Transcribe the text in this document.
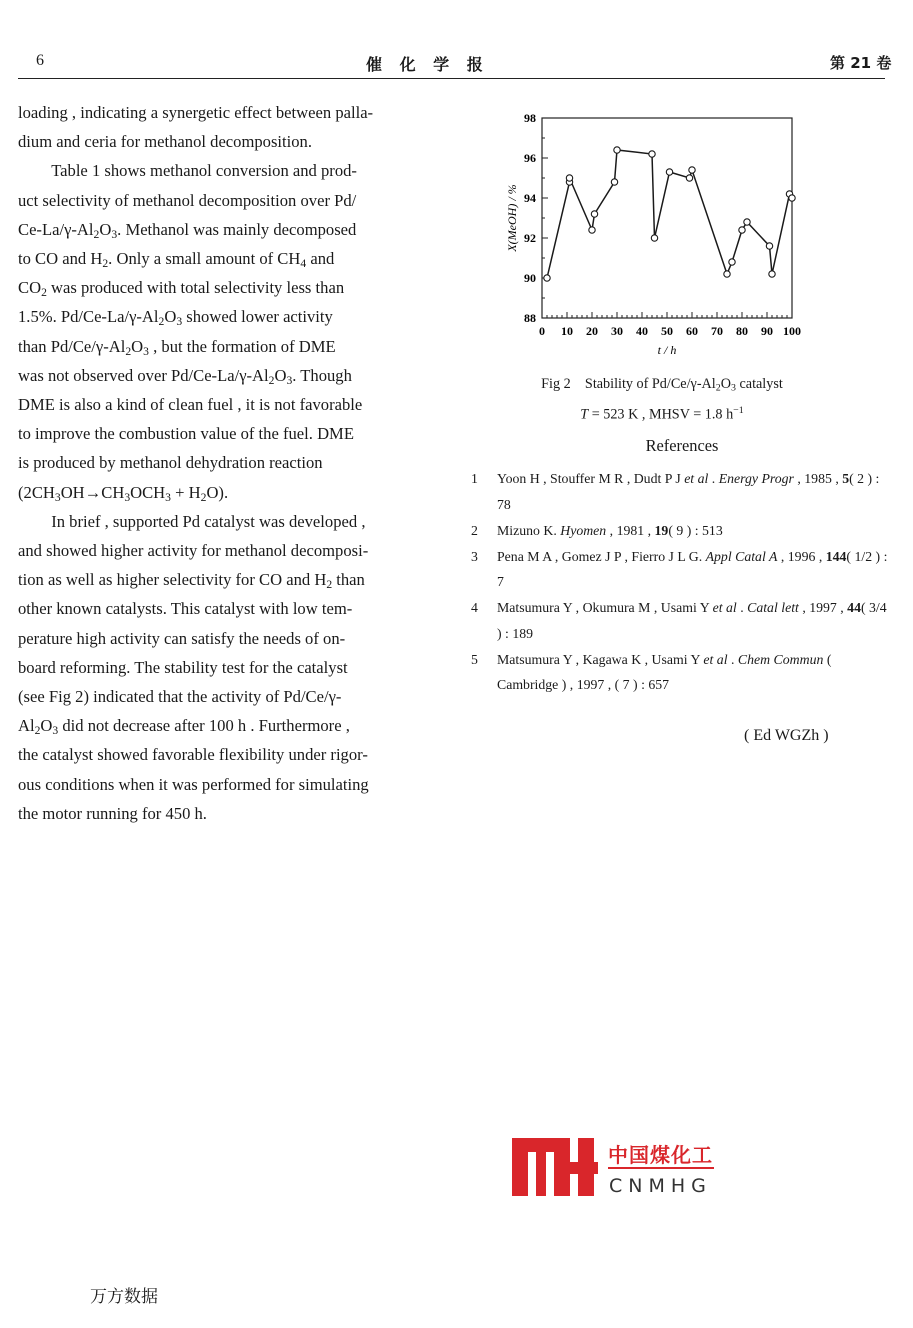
6	催 化 学 报	第 21 卷

loading , indicating a synergetic effect between palla-
dium and ceria for methanol decomposition.

Table 1 shows methanol conversion and prod-
uct selectivity of methanol decomposition over Pd/
$Ce-La/\gamma-Al_2O_3$. Methanol was mainly decomposed
to CO and $H_2$. Only a small amount of $CH_4$ and
$CO_2$ was produced with total selectivity less than
1.5%. $Pd/Ce-La/\gamma-Al_2O_3$ showed lower activity
than $Pd/Ce/\gamma-Al_2O_3$ , but the formation of DME
was not observed over $Pd/Ce-La/\gamma-Al_2O_3$. Though
DME is also a kind of clean fuel , it is not favorable
to improve the combustion value of the fuel. DME
is produced by methanol dehydration reaction
$(2CH_3OH\to CH_3OCH_3 + H_2O)$.

In brief , supported Pd catalyst was developed ,
and showed higher activity for methanol decomposi-
tion as well as higher selectivity for CO and $H_2$ than
other known catalysts. This catalyst with low tem-
perature high activity can satisfy the needs of on-
board reforming. The stability test for the catalyst
(see Fig 2) indicated that the activity of Pd/Ce/γ-
$Al_2O_3$ did not decrease after 100 h . Furthermore ,
the catalyst showed favorable flexibility under rigor-
ous conditions when it was performed for simulating
the motor running for 450 h.

0 10 20 30 40 50 60 70 80 90 100
88
90
92
94
96
98
t / h
X(MeOH) / %
Fig 2    Stability of $Pd/Ce/\gamma-Al_2O_3$ catalyst
T = 523 K , MHSV = 1.8 $h^{-1}$
References
1 Yoon H , Stouffer M R , Dudt P J et al . Energy Progr , 1985 , 5( 2 ) : 78
2 Mizuno K. Hyomen , 1981 , 19( 9 ) : 513
3 Pena M A , Gomez J P , Fierro J L G. Appl Catal A , 1996 , 144( 1/2 ) : 7
4 Matsumura Y , Okumura M , Usami Y et al . Catal lett , 1997 , 44( 3/4 ) : 189
5 Matsumura Y , Kagawa K , Usami Y et al . Chem Commun ( Cambridge ) , 1997 , ( 7 ) : 657
( Ed WGZh )
中国煤化工
CNMHG
万方数据
